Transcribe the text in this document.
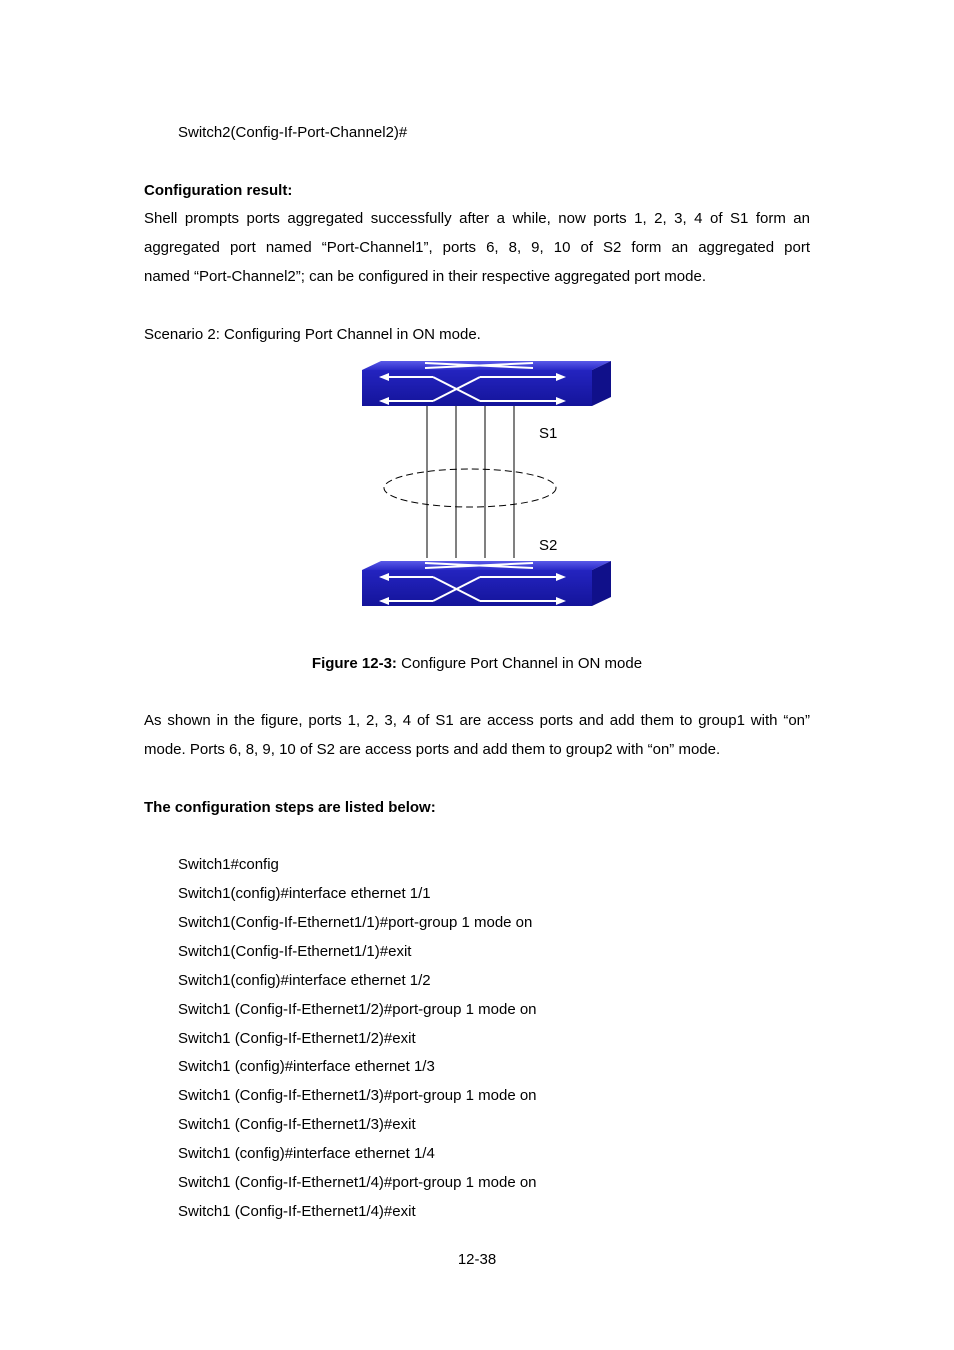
Switch2(Config-If-Port-Channel2)#
Configuration result:
Shell prompts ports aggregated successfully after a while, now ports 1, 2, 3, 4 of S1 form an
aggregated port named “Port-Channel1”, ports 6, 8, 9, 10 of S2 form an aggregated port
named “Port-Channel2”; can be configured in their respective aggregated port mode.
Scenario 2: Configuring Port Channel in ON mode.
S1
S2
Figure 12-3: Configure Port Channel in ON mode
As shown in the figure, ports 1, 2, 3, 4 of S1 are access ports and add them to group1 with “on”
mode. Ports 6, 8, 9, 10 of S2 are access ports and add them to group2 with “on” mode.
The configuration steps are listed below:
Switch1#config
Switch1(config)#interface ethernet 1/1
Switch1(Config-If-Ethernet1/1)#port-group 1 mode on
Switch1(Config-If-Ethernet1/1)#exit
Switch1(config)#interface ethernet 1/2
Switch1 (Config-If-Ethernet1/2)#port-group 1 mode on
Switch1 (Config-If-Ethernet1/2)#exit
Switch1 (config)#interface ethernet 1/3
Switch1 (Config-If-Ethernet1/3)#port-group 1 mode on
Switch1 (Config-If-Ethernet1/3)#exit
Switch1 (config)#interface ethernet 1/4
Switch1 (Config-If-Ethernet1/4)#port-group 1 mode on
Switch1 (Config-If-Ethernet1/4)#exit
12-38
